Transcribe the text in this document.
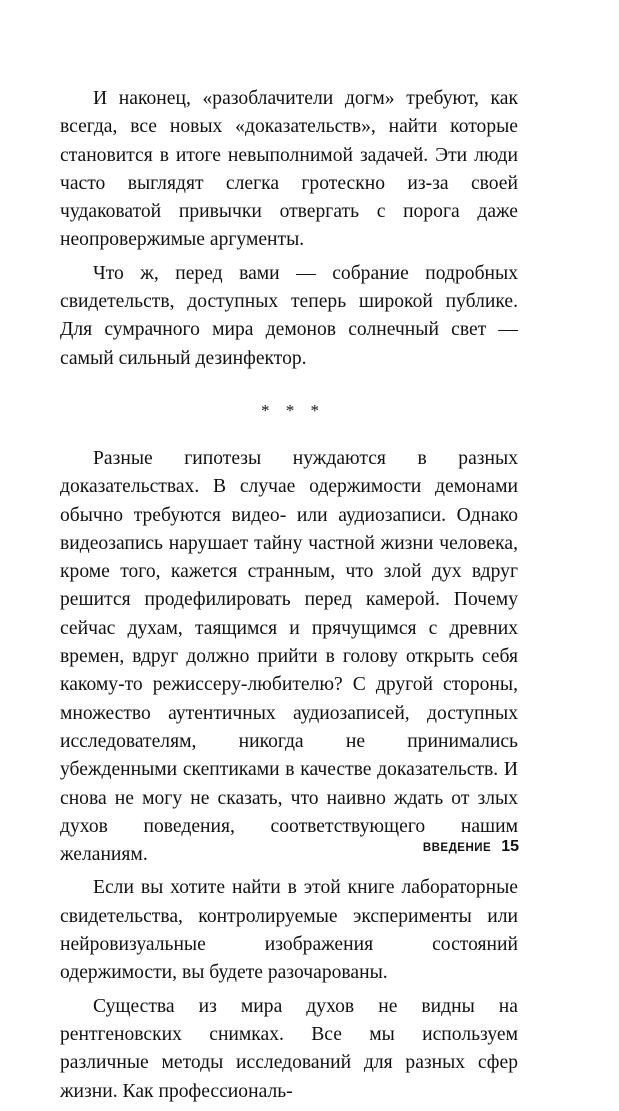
И наконец, «разоблачители догм» требуют, как всегда, все новых «доказательств», найти которые становится в итоге невыполнимой задачей. Эти люди часто выглядят слегка гротескно из-за своей чудаковатой привычки отвергать с порога даже неопровержимые аргументы.

Что ж, перед вами — собрание подробных свидетельств, доступных теперь широкой публике. Для сумрачного мира демонов солнечный свет — самый сильный дезинфектор.

* * *

Разные гипотезы нуждаются в разных доказательствах. В случае одержимости демонами обычно требуются видео- или аудиозаписи. Однако видеозапись нарушает тайну частной жизни человека, кроме того, кажется странным, что злой дух вдруг решится продефилировать перед камерой. Почему сейчас духам, таящимся и прячущимся с древних времен, вдруг должно прийти в голову открыть себя какому-то режиссеру-любителю? С другой стороны, множество аутентичных аудиозаписей, доступных исследователям, никогда не принимались убежденными скептиками в качестве доказательств. И снова не могу не сказать, что наивно ждать от злых духов поведения, соответствующего нашим желаниям.

Если вы хотите найти в этой книге лабораторные свидетельства, контролируемые эксперименты или нейровизуальные изображения состояний одержимости, вы будете разочарованы.

Существа из мира духов не видны на рентгеновских снимках. Все мы используем различные методы исследований для разных сфер жизни. Как профессиональ-

ВВЕДЕНИЕ 15
